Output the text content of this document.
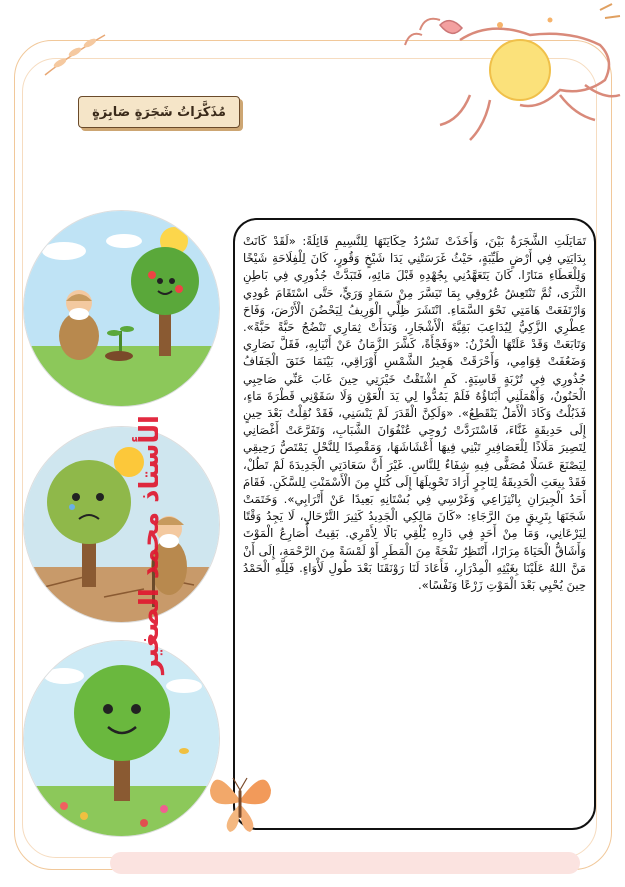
مُذَكَّرَاتُ شَجَرَةٍ صَابِرَةٍ

تَمَايَلَتِ الشَّجَرَةُ بَيْنَ، وَأَخَذَتْ تَسْرُدُ حِكَايَتَهَا لِلنَّسِيمِ قَائِلَةً: «لَقَدْ كَانَتْ بِدَايَتِي فِي أَرْضٍ طَيِّبَةٍ، حَيْثُ غَرَسَتْنِي يَدَا شَيْخٍ وَقُورٍ، كَانَ لِلْفِلَاحَةِ شَيْخًا وَلِلْعَطَاءِ مَنَارًا. كَانَ يَتَعَهَّدُنِي بِجُهْدِهِ قَبْلَ مَائِهِ، فَتَبَدَّتْ جُذُورِي فِي بَاطِنِ الثَّرَى، ثُمَّ تَنْتَعِشُ عُرُوقِي بِمَا تَيَسَّرَ مِنْ سَمَادٍ وَرَيٍّ، حَتَّى اسْتَقَامَ عُودِي وَارْتَفَعَتْ هَامَتِي نَحْوَ السَّمَاءِ. انْتَشَرَ ظِلِّي الْوَرِيفُ لِيَحْضُنَ الْأَرْضَ، وَفَاحَ عِطْرِي الزَّكِيُّ لِيُدَاعِبَ بَقِيَّةَ الْأَشْجَارِ، وَبَدَأَتْ ثِمَارِي تَنْضُجُ حَبَّةً حَبَّةً». وَتَابَعَتْ وَقَدْ عَلَتْهَا الْحُزْنُ: «وَفَجْأَةً، كَشَّرَ الزَّمَانُ عَنْ أَنْيَابِهِ، فَقَلَّ نَصَارِي وَضَعُفَتْ قِوَامِي، وَأَحْرَقَتْ هَجِيرُ الشَّمْسِ أَوْرَاقِي، بَيْنَمَا خَنَقَ الْجَفَافُ جُذُورِي فِي تُرْبَةٍ قَاسِيَةٍ. كَمِ اشْتَقْتُ خَيْرَتِي حِينَ غَابَ عَنِّي صَاحِبِي الْحَنُونُ، وَأَهْمَلَنِي أَبْنَاؤُهُ فَلَمْ يَمُدُّوا لِي يَدَ الْعَوْنِ وَلَا سَقَوْنِي قَطْرَةَ مَاءٍ، فَذَبُلْتُ وَكَادَ الْأَمَلُ يَنْقَطِعُ». «وَلَكِنَّ الْقَدَرَ لَمْ يَنْسَنِي، فَقَدْ نُقِلْتُ بَعْدَ حِينٍ إِلَى حَدِيقَةٍ غَنَّاءَ، فَاسْتَرَدَّتْ رُوحِي عُنْفُوَانَ الشَّبَابِ، وَتَفَرَّعَتْ أَغْصَانِي لِتَصِيرَ مَلَاذًا لِلْعَصَافِيرِ تَبْنِي فِيهَا أَعْشَاشَهَا، وَمَقْصِدًا لِلنَّحْلِ يَمْتَصُّ رَحِيقِي لِيَصْنَعَ عَسَلًا مُصَفًّى فِيهِ شِفَاءٌ لِلنَّاسِ. غَيْرَ أَنَّ سَعَادَتِي الْجَدِيدَةَ لَمْ تَطُلْ، فَقَدْ بِيعَتِ الْحَدِيقَةُ لِتَاجِرٍ أَرَادَ تَحْوِيلَهَا إِلَى كُتَلٍ مِنَ الْأَسْمَنْتِ لِلسَّكَنِ. فَقَامَ أَحَدُ الْجِيرَانِ بِانْتِزَاعِي وَغَرْسِي فِي بُسْتَانِهِ بَعِيدًا عَنْ أَتْرَابِي». وَخَتَمَتْ شَجَنَهَا بِتَرِيقٍ مِنَ الرَّجَاءِ: «كَانَ مَالِكِي الْجَدِيدُ كَثِيرَ التَّرْحَالِ، لَا يَجِدُ وَقْتًا لِيَرْعَانِي، وَمَا مِنْ أَحَدٍ فِي دَارِهِ يُلْقِي بَالًا لِأَمْرِي. بَقِيتُ أُصَارِعُ الْمَوْتَ وَأَشَاقُّ الْحَيَاةَ مِرَارًا، أَنْتَظِرُ نَفْحَةً مِنَ الْمَطَرِ أَوْ لَمْسَةً مِنَ الرَّحْمَةِ، إِلَى أَنْ مَنَّ اللهُ عَلَيْنَا بِغَيْثِهِ الْمِدْرَارِ، فَأَعَادَ لَنَا رَوْنَقَنَا بَعْدَ طُولِ لَأْوَاءٍ. فَلِلَّهِ الْحَمْدُ حِينَ يُحْيِي بَعْدَ الْمَوْتِ زَرْعًا وَنَفْسًا».

الأستاذ محمد الصغير
